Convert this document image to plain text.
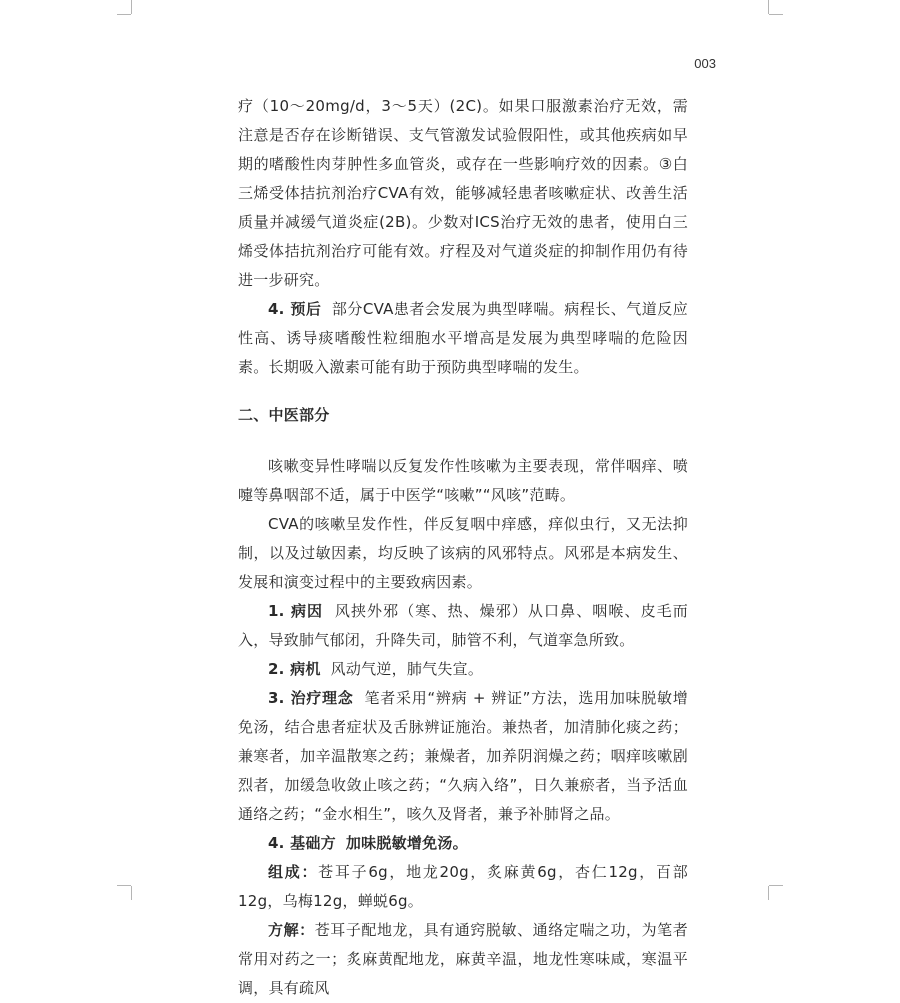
003

疗（10～20mg/d，3～5天）(2C)。如果口服激素治疗无效，需注意是否存在诊断错误、支气管激发试验假阳性，或其他疾病如早期的嗜酸性肉芽肿性多血管炎，或存在一些影响疗效的因素。③白三烯受体拮抗剂治疗CVA有效，能够减轻患者咳嗽症状、改善生活质量并减缓气道炎症(2B)。少数对ICS治疗无效的患者，使用白三烯受体拮抗剂治疗可能有效。疗程及对气道炎症的抑制作用仍有待进一步研究。

4. 预后 部分CVA患者会发展为典型哮喘。病程长、气道反应性高、诱导痰嗜酸性粒细胞水平增高是发展为典型哮喘的危险因素。长期吸入激素可能有助于预防典型哮喘的发生。

二、中医部分

咳嗽变异性哮喘以反复发作性咳嗽为主要表现，常伴咽痒、喷嚏等鼻咽部不适，属于中医学“咳嗽”“风咳”范畴。

CVA的咳嗽呈发作性，伴反复咽中痒感，痒似虫行，又无法抑制，以及过敏因素，均反映了该病的风邪特点。风邪是本病发生、发展和演变过程中的主要致病因素。

1. 病因 风挟外邪（寒、热、燥邪）从口鼻、咽喉、皮毛而入，导致肺气郁闭，升降失司，肺管不利，气道挛急所致。

2. 病机 风动气逆，肺气失宣。

3. 治疗理念 笔者采用“辨病 + 辨证”方法，选用加味脱敏增免汤，结合患者症状及舌脉辨证施治。兼热者，加清肺化痰之药；兼寒者，加辛温散寒之药；兼燥者，加养阴润燥之药；咽痒咳嗽剧烈者，加缓急收敛止咳之药；“久病入络”，日久兼瘀者，当予活血通络之药；“金水相生”，咳久及肾者，兼予补肺肾之品。

4. 基础方 加味脱敏增免汤。

组成：苍耳子6g，地龙20g，炙麻黄6g，杏仁12g，百部12g，乌梅12g，蝉蜕6g。

方解：苍耳子配地龙，具有通窍脱敏、通络定喘之功，为笔者常用对药之一；炙麻黄配地龙，麻黄辛温，地龙性寒味咸，寒温平调，具有疏风
